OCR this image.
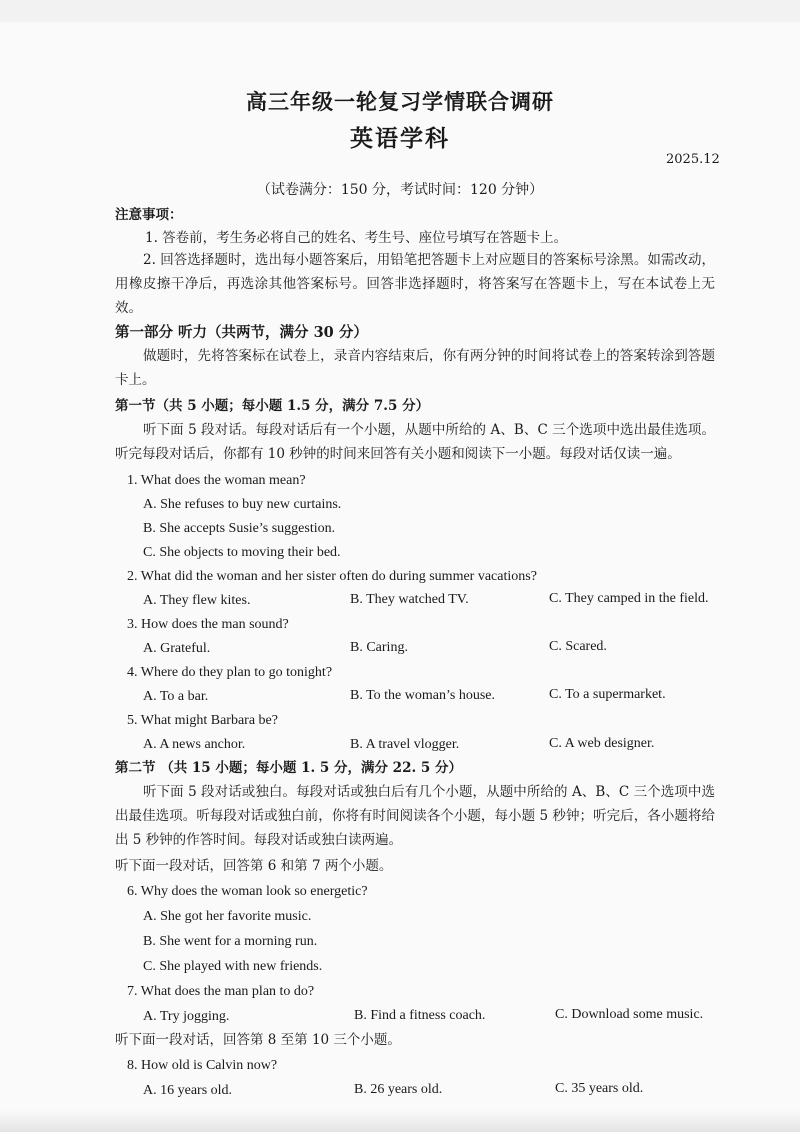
高三年级一轮复习学情联合调研
英语学科
2025.12
（试卷满分：150 分，考试时间：120 分钟）
注意事项：
1. 答卷前，考生务必将自己的姓名、考生号、座位号填写在答题卡上。
2. 回答选择题时，选出每小题答案后，用铅笔把答题卡上对应题目的答案标号涂黑。如需改动，用橡皮擦干净后，再选涂其他答案标号。回答非选择题时，将答案写在答题卡上，写在本试卷上无效。
第一部分 听力（共两节，满分 30 分）
做题时，先将答案标在试卷上，录音内容结束后，你有两分钟的时间将试卷上的答案转涂到答题卡上。
第一节（共 5 小题；每小题 1.5 分，满分 7.5 分）
听下面 5 段对话。每段对话后有一个小题，从题中所给的 A、B、C 三个选项中选出最佳选项。听完每段对话后，你都有 10 秒钟的时间来回答有关小题和阅读下一小题。每段对话仅读一遍。
1. What does the woman mean?
A. She refuses to buy new curtains.
B. She accepts Susie’s suggestion.
C. She objects to moving their bed.
2. What did the woman and her sister often do during summer vacations?
A. They flew kites.	B. They watched TV.	C. They camped in the field.
3. How does the man sound?
A. Grateful.	B. Caring.	C. Scared.
4. Where do they plan to go tonight?
A. To a bar.	B. To the woman’s house.	C. To a supermarket.
5. What might Barbara be?
A. A news anchor.	B. A travel vlogger.	C. A web designer.
第二节 （共 15 小题；每小题 1. 5 分，满分 22. 5 分）
听下面 5 段对话或独白。每段对话或独白后有几个小题，从题中所给的 A、B、C 三个选项中选出最佳选项。听每段对话或独白前，你将有时间阅读各个小题，每小题 5 秒钟；听完后，各小题将给出 5 秒钟的作答时间。每段对话或独白读两遍。
听下面一段对话，回答第 6 和第 7 两个小题。
6. Why does the woman look so energetic?
A. She got her favorite music.
B. She went for a morning run.
C. She played with new friends.
7. What does the man plan to do?
A. Try jogging.	B. Find a fitness coach.	C. Download some music.
听下面一段对话，回答第 8 至第 10 三个小题。
8. How old is Calvin now?
A. 16 years old.	B. 26 years old.	C. 35 years old.
